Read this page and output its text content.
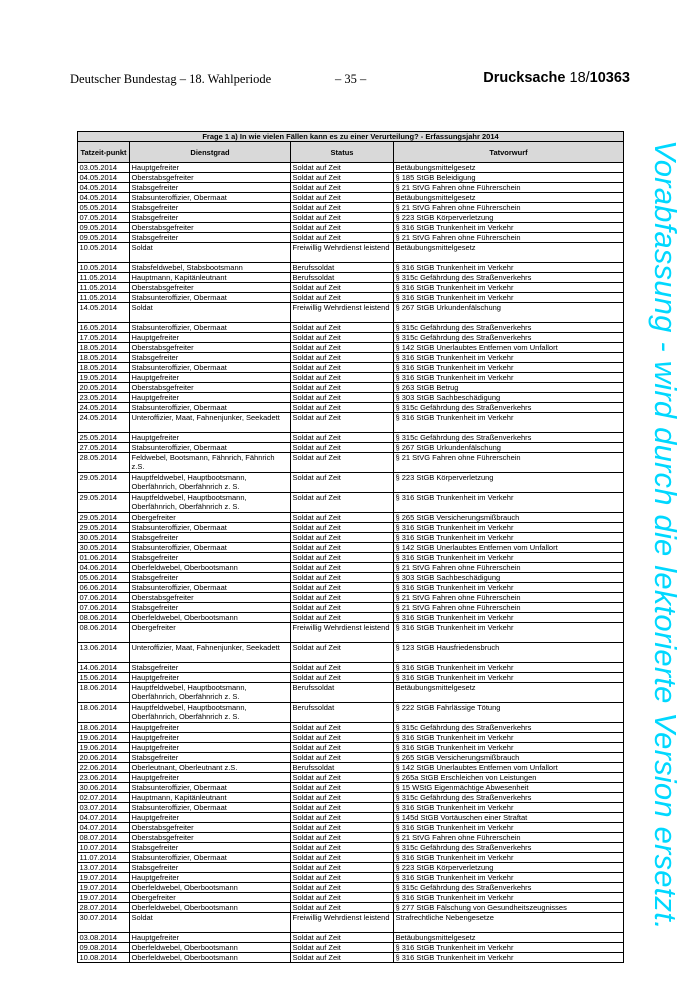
Deutscher Bundestag – 18. Wahlperiode	– 35 –	Drucksache 18/10363
Vorabfassung - wird durch die lektorierte Version ersetzt.
Frage 1 a) In wie vielen Fällen kann es zu einer Verurteilung? - Erfassungsjahr 2014			
Tatzeit-punkt	Dienstgrad	Status	Tatvorwurf
03.05.2014	Hauptgefreiter	Soldat auf Zeit	Betäubungsmittelgesetz
04.05.2014	Oberstabsgefreiter	Soldat auf Zeit	§ 185 StGB Beleidigung
04.05.2014	Stabsgefreiter	Soldat auf Zeit	§ 21 StVG Fahren ohne Führerschein
04.05.2014	Stabsunteroffizier, Obermaat	Soldat auf Zeit	Betäubungsmittelgesetz
05.05.2014	Stabsgefreiter	Soldat auf Zeit	§ 21 StVG Fahren ohne Führerschein
07.05.2014	Stabsgefreiter	Soldat auf Zeit	§ 223 StGB Körperverletzung
09.05.2014	Oberstabsgefreiter	Soldat auf Zeit	§ 316 StGB Trunkenheit im Verkehr
09.05.2014	Stabsgefreiter	Soldat auf Zeit	§ 21 StVG Fahren ohne Führerschein
10.05.2014	Soldat	Freiwillig Wehrdienst leistend	Betäubungsmittelgesetz
10.05.2014	Stabsfeldwebel, Stabsbootsmann	Berufssoldat	§ 316 StGB Trunkenheit im Verkehr
11.05.2014	Hauptmann, Kapitänleutnant	Berufssoldat	§ 315c Gefährdung des Straßenverkehrs
11.05.2014	Oberstabsgefreiter	Soldat auf Zeit	§ 316 StGB Trunkenheit im Verkehr
11.05.2014	Stabsunteroffizier, Obermaat	Soldat auf Zeit	§ 316 StGB Trunkenheit im Verkehr
14.05.2014	Soldat	Freiwillig Wehrdienst leistend	§ 267 StGB Urkundenfälschung
16.05.2014	Stabsunteroffizier, Obermaat	Soldat auf Zeit	§ 315c Gefährdung des Straßenverkehrs
17.05.2014	Hauptgefreiter	Soldat auf Zeit	§ 315c Gefährdung des Straßenverkehrs
18.05.2014	Oberstabsgefreiter	Soldat auf Zeit	§ 142 StGB Unerlaubtes Entfernen vom Unfallort
18.05.2014	Stabsgefreiter	Soldat auf Zeit	§ 316 StGB Trunkenheit im Verkehr
18.05.2014	Stabsunteroffizier, Obermaat	Soldat auf Zeit	§ 316 StGB Trunkenheit im Verkehr
19.05.2014	Hauptgefreiter	Soldat auf Zeit	§ 316 StGB Trunkenheit im Verkehr
20.05.2014	Oberstabsgefreiter	Soldat auf Zeit	§ 263 StGB Betrug
23.05.2014	Hauptgefreiter	Soldat auf Zeit	§ 303 StGB Sachbeschädigung
24.05.2014	Stabsunteroffizier, Obermaat	Soldat auf Zeit	§ 315c Gefährdung des Straßenverkehrs
24.05.2014	Unteroffizier, Maat, Fahnenjunker, Seekadett	Soldat auf Zeit	§ 316 StGB Trunkenheit im Verkehr
25.05.2014	Hauptgefreiter	Soldat auf Zeit	§ 315c Gefährdung des Straßenverkehrs
27.05.2014	Stabsunteroffizier, Obermaat	Soldat auf Zeit	§ 267 StGB Urkundenfälschung
28.05.2014	Feldwebel, Bootsmann, Fähnrich, Fähnrich z.S.	Soldat auf Zeit	§ 21 StVG Fahren ohne Führerschein
29.05.2014	Hauptfeldwebel, Hauptbootsmann, Oberfähnrich, Oberfähnrich z. S.	Soldat auf Zeit	§ 223 StGB Körperverletzung
29.05.2014	Hauptfeldwebel, Hauptbootsmann, Oberfähnrich, Oberfähnrich z. S.	Soldat auf Zeit	§ 316 StGB Trunkenheit im Verkehr
29.05.2014	Obergefreiter	Soldat auf Zeit	§ 265 StGB Versicherungsmißbrauch
29.05.2014	Stabsunteroffizier, Obermaat	Soldat auf Zeit	§ 316 StGB Trunkenheit im Verkehr
30.05.2014	Stabsgefreiter	Soldat auf Zeit	§ 316 StGB Trunkenheit im Verkehr
30.05.2014	Stabsunteroffizier, Obermaat	Soldat auf Zeit	§ 142 StGB Unerlaubtes Entfernen vom Unfallort
01.06.2014	Stabsgefreiter	Soldat auf Zeit	§ 316 StGB Trunkenheit im Verkehr
04.06.2014	Oberfeldwebel, Oberbootsmann	Soldat auf Zeit	§ 21 StVG Fahren ohne Führerschein
05.06.2014	Stabsgefreiter	Soldat auf Zeit	§ 303 StGB Sachbeschädigung
06.06.2014	Stabsunteroffizier, Obermaat	Soldat auf Zeit	§ 316 StGB Trunkenheit im Verkehr
07.06.2014	Oberstabsgefreiter	Soldat auf Zeit	§ 21 StVG Fahren ohne Führerschein
07.06.2014	Stabsgefreiter	Soldat auf Zeit	§ 21 StVG Fahren ohne Führerschein
08.06.2014	Oberfeldwebel, Oberbootsmann	Soldat auf Zeit	§ 316 StGB Trunkenheit im Verkehr
08.06.2014	Obergefreiter	Freiwillig Wehrdienst leistend	§ 316 StGB Trunkenheit im Verkehr
13.06.2014	Unteroffizier, Maat, Fahnenjunker, Seekadett	Soldat auf Zeit	§ 123 StGB Hausfriedensbruch
14.06.2014	Stabsgefreiter	Soldat auf Zeit	§ 316 StGB Trunkenheit im Verkehr
15.06.2014	Hauptgefreiter	Soldat auf Zeit	§ 316 StGB Trunkenheit im Verkehr
18.06.2014	Hauptfeldwebel, Hauptbootsmann, Oberfähnrich, Oberfähnrich z. S.	Berufssoldat	Betäubungsmittelgesetz
18.06.2014	Hauptfeldwebel, Hauptbootsmann, Oberfähnrich, Oberfähnrich z. S.	Berufssoldat	§ 222 StGB Fahrlässige Tötung
18.06.2014	Hauptgefreiter	Soldat auf Zeit	§ 315c Gefährdung des Straßenverkehrs
19.06.2014	Hauptgefreiter	Soldat auf Zeit	§ 316 StGB Trunkenheit im Verkehr
19.06.2014	Hauptgefreiter	Soldat auf Zeit	§ 316 StGB Trunkenheit im Verkehr
20.06.2014	Stabsgefreiter	Soldat auf Zeit	§ 265 StGB Versicherungsmißbrauch
22.06.2014	Oberleutnant, Oberleutnant z.S.	Berufssoldat	§ 142 StGB Unerlaubtes Entfernen vom Unfallort
23.06.2014	Hauptgefreiter	Soldat auf Zeit	§ 265a StGB Erschleichen von Leistungen
30.06.2014	Stabsunteroffizier, Obermaat	Soldat auf Zeit	§ 15 WStG Eigenmächtige Abwesenheit
02.07.2014	Hauptmann, Kapitänleutnant	Soldat auf Zeit	§ 315c Gefährdung des Straßenverkehrs
03.07.2014	Stabsunteroffizier, Obermaat	Soldat auf Zeit	§ 316 StGB Trunkenheit im Verkehr
04.07.2014	Hauptgefreiter	Soldat auf Zeit	§ 145d StGB Vortäuschen einer Straftat
04.07.2014	Oberstabsgefreiter	Soldat auf Zeit	§ 316 StGB Trunkenheit im Verkehr
08.07.2014	Oberstabsgefreiter	Soldat auf Zeit	§ 21 StVG Fahren ohne Führerschein
10.07.2014	Stabsgefreiter	Soldat auf Zeit	§ 315c Gefährdung des Straßenverkehrs
11.07.2014	Stabsunteroffizier, Obermaat	Soldat auf Zeit	§ 316 StGB Trunkenheit im Verkehr
13.07.2014	Stabsgefreiter	Soldat auf Zeit	§ 223 StGB Körperverletzung
19.07.2014	Hauptgefreiter	Soldat auf Zeit	§ 316 StGB Trunkenheit im Verkehr
19.07.2014	Oberfeldwebel, Oberbootsmann	Soldat auf Zeit	§ 315c Gefährdung des Straßenverkehrs
19.07.2014	Obergefreiter	Soldat auf Zeit	§ 316 StGB Trunkenheit im Verkehr
28.07.2014	Oberfeldwebel, Oberbootsmann	Soldat auf Zeit	§ 277 StGB Fälschung von Gesundheitszeugnisses
30.07.2014	Soldat	Freiwillig Wehrdienst leistend	Strafrechtliche Nebengesetze
03.08.2014	Hauptgefreiter	Soldat auf Zeit	Betäubungsmittelgesetz
09.08.2014	Oberfeldwebel, Oberbootsmann	Soldat auf Zeit	§ 316 StGB Trunkenheit im Verkehr
10.08.2014	Oberfeldwebel, Oberbootsmann	Soldat auf Zeit	§ 316 StGB Trunkenheit im Verkehr
